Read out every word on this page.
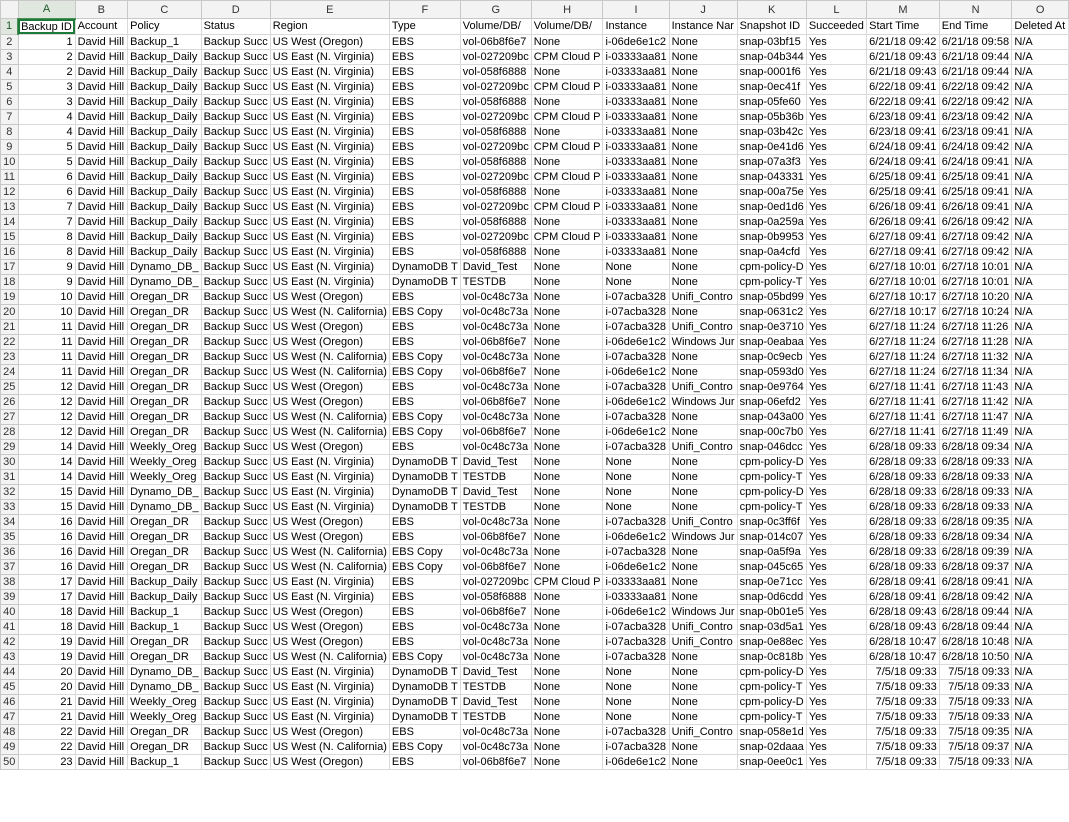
	A	B	C	D	E	F	G	H	I	J	K	L	M	N	O
1	Backup ID	Account	Policy	Status	Region	Type	Volume/DB/	Volume/DB/	Instance	Instance Nar	Snapshot ID	Succeeded	Start Time	End Time	Deleted At
2	1	David Hill	Backup_1	Backup Succ	US West (Oregon)	EBS	vol-06b8f6e7	None	i-06de6e1c2	None	snap-03bf15	Yes	6/21/18 09:42	6/21/18 09:58	N/A
3	2	David Hill	Backup_Daily	Backup Succ	US East (N. Virginia)	EBS	vol-027209bc	CPM Cloud P	i-03333aa81	None	snap-04b344	Yes	6/21/18 09:43	6/21/18 09:44	N/A
4	2	David Hill	Backup_Daily	Backup Succ	US East (N. Virginia)	EBS	vol-058f6888	None	i-03333aa81	None	snap-0001f6	Yes	6/21/18 09:43	6/21/18 09:44	N/A
5	3	David Hill	Backup_Daily	Backup Succ	US East (N. Virginia)	EBS	vol-027209bc	CPM Cloud P	i-03333aa81	None	snap-0ec41f	Yes	6/22/18 09:41	6/22/18 09:42	N/A
6	3	David Hill	Backup_Daily	Backup Succ	US East (N. Virginia)	EBS	vol-058f6888	None	i-03333aa81	None	snap-05fe60	Yes	6/22/18 09:41	6/22/18 09:42	N/A
7	4	David Hill	Backup_Daily	Backup Succ	US East (N. Virginia)	EBS	vol-027209bc	CPM Cloud P	i-03333aa81	None	snap-05b36b	Yes	6/23/18 09:41	6/23/18 09:42	N/A
8	4	David Hill	Backup_Daily	Backup Succ	US East (N. Virginia)	EBS	vol-058f6888	None	i-03333aa81	None	snap-03b42c	Yes	6/23/18 09:41	6/23/18 09:41	N/A
9	5	David Hill	Backup_Daily	Backup Succ	US East (N. Virginia)	EBS	vol-027209bc	CPM Cloud P	i-03333aa81	None	snap-0e41d6	Yes	6/24/18 09:41	6/24/18 09:42	N/A
10	5	David Hill	Backup_Daily	Backup Succ	US East (N. Virginia)	EBS	vol-058f6888	None	i-03333aa81	None	snap-07a3f3	Yes	6/24/18 09:41	6/24/18 09:41	N/A
11	6	David Hill	Backup_Daily	Backup Succ	US East (N. Virginia)	EBS	vol-027209bc	CPM Cloud P	i-03333aa81	None	snap-043331	Yes	6/25/18 09:41	6/25/18 09:41	N/A
12	6	David Hill	Backup_Daily	Backup Succ	US East (N. Virginia)	EBS	vol-058f6888	None	i-03333aa81	None	snap-00a75e	Yes	6/25/18 09:41	6/25/18 09:41	N/A
13	7	David Hill	Backup_Daily	Backup Succ	US East (N. Virginia)	EBS	vol-027209bc	CPM Cloud P	i-03333aa81	None	snap-0ed1d6	Yes	6/26/18 09:41	6/26/18 09:41	N/A
14	7	David Hill	Backup_Daily	Backup Succ	US East (N. Virginia)	EBS	vol-058f6888	None	i-03333aa81	None	snap-0a259a	Yes	6/26/18 09:41	6/26/18 09:42	N/A
15	8	David Hill	Backup_Daily	Backup Succ	US East (N. Virginia)	EBS	vol-027209bc	CPM Cloud P	i-03333aa81	None	snap-0b9953	Yes	6/27/18 09:41	6/27/18 09:42	N/A
16	8	David Hill	Backup_Daily	Backup Succ	US East (N. Virginia)	EBS	vol-058f6888	None	i-03333aa81	None	snap-0a4cfd	Yes	6/27/18 09:41	6/27/18 09:42	N/A
17	9	David Hill	Dynamo_DB_	Backup Succ	US East (N. Virginia)	DynamoDB T	David_Test	None	None	None	cpm-policy-D	Yes	6/27/18 10:01	6/27/18 10:01	N/A
18	9	David Hill	Dynamo_DB_	Backup Succ	US East (N. Virginia)	DynamoDB T	TESTDB	None	None	None	cpm-policy-T	Yes	6/27/18 10:01	6/27/18 10:01	N/A
19	10	David Hill	Oregan_DR	Backup Succ	US West (Oregon)	EBS	vol-0c48c73a	None	i-07acba328	Unifi_Contro	snap-05bd99	Yes	6/27/18 10:17	6/27/18 10:20	N/A
20	10	David Hill	Oregan_DR	Backup Succ	US West (N. California)	EBS Copy	vol-0c48c73a	None	i-07acba328	None	snap-0631c2	Yes	6/27/18 10:17	6/27/18 10:24	N/A
21	11	David Hill	Oregan_DR	Backup Succ	US West (Oregon)	EBS	vol-0c48c73a	None	i-07acba328	Unifi_Contro	snap-0e3710	Yes	6/27/18 11:24	6/27/18 11:26	N/A
22	11	David Hill	Oregan_DR	Backup Succ	US West (Oregon)	EBS	vol-06b8f6e7	None	i-06de6e1c2	Windows Jur	snap-0eabaa	Yes	6/27/18 11:24	6/27/18 11:28	N/A
23	11	David Hill	Oregan_DR	Backup Succ	US West (N. California)	EBS Copy	vol-0c48c73a	None	i-07acba328	None	snap-0c9ecb	Yes	6/27/18 11:24	6/27/18 11:32	N/A
24	11	David Hill	Oregan_DR	Backup Succ	US West (N. California)	EBS Copy	vol-06b8f6e7	None	i-06de6e1c2	None	snap-0593d0	Yes	6/27/18 11:24	6/27/18 11:34	N/A
25	12	David Hill	Oregan_DR	Backup Succ	US West (Oregon)	EBS	vol-0c48c73a	None	i-07acba328	Unifi_Contro	snap-0e9764	Yes	6/27/18 11:41	6/27/18 11:43	N/A
26	12	David Hill	Oregan_DR	Backup Succ	US West (Oregon)	EBS	vol-06b8f6e7	None	i-06de6e1c2	Windows Jur	snap-06efd2	Yes	6/27/18 11:41	6/27/18 11:42	N/A
27	12	David Hill	Oregan_DR	Backup Succ	US West (N. California)	EBS Copy	vol-0c48c73a	None	i-07acba328	None	snap-043a00	Yes	6/27/18 11:41	6/27/18 11:47	N/A
28	12	David Hill	Oregan_DR	Backup Succ	US West (N. California)	EBS Copy	vol-06b8f6e7	None	i-06de6e1c2	None	snap-00c7b0	Yes	6/27/18 11:41	6/27/18 11:49	N/A
29	14	David Hill	Weekly_Oreg	Backup Succ	US West (Oregon)	EBS	vol-0c48c73a	None	i-07acba328	Unifi_Contro	snap-046dcc	Yes	6/28/18 09:33	6/28/18 09:34	N/A
30	14	David Hill	Weekly_Oreg	Backup Succ	US East (N. Virginia)	DynamoDB T	David_Test	None	None	None	cpm-policy-D	Yes	6/28/18 09:33	6/28/18 09:33	N/A
31	14	David Hill	Weekly_Oreg	Backup Succ	US East (N. Virginia)	DynamoDB T	TESTDB	None	None	None	cpm-policy-T	Yes	6/28/18 09:33	6/28/18 09:33	N/A
32	15	David Hill	Dynamo_DB_	Backup Succ	US East (N. Virginia)	DynamoDB T	David_Test	None	None	None	cpm-policy-D	Yes	6/28/18 09:33	6/28/18 09:33	N/A
33	15	David Hill	Dynamo_DB_	Backup Succ	US East (N. Virginia)	DynamoDB T	TESTDB	None	None	None	cpm-policy-T	Yes	6/28/18 09:33	6/28/18 09:33	N/A
34	16	David Hill	Oregan_DR	Backup Succ	US West (Oregon)	EBS	vol-0c48c73a	None	i-07acba328	Unifi_Contro	snap-0c3ff6f	Yes	6/28/18 09:33	6/28/18 09:35	N/A
35	16	David Hill	Oregan_DR	Backup Succ	US West (Oregon)	EBS	vol-06b8f6e7	None	i-06de6e1c2	Windows Jur	snap-014c07	Yes	6/28/18 09:33	6/28/18 09:34	N/A
36	16	David Hill	Oregan_DR	Backup Succ	US West (N. California)	EBS Copy	vol-0c48c73a	None	i-07acba328	None	snap-0a5f9a	Yes	6/28/18 09:33	6/28/18 09:39	N/A
37	16	David Hill	Oregan_DR	Backup Succ	US West (N. California)	EBS Copy	vol-06b8f6e7	None	i-06de6e1c2	None	snap-045c65	Yes	6/28/18 09:33	6/28/18 09:37	N/A
38	17	David Hill	Backup_Daily	Backup Succ	US East (N. Virginia)	EBS	vol-027209bc	CPM Cloud P	i-03333aa81	None	snap-0e71cc	Yes	6/28/18 09:41	6/28/18 09:41	N/A
39	17	David Hill	Backup_Daily	Backup Succ	US East (N. Virginia)	EBS	vol-058f6888	None	i-03333aa81	None	snap-0d6cdd	Yes	6/28/18 09:41	6/28/18 09:42	N/A
40	18	David Hill	Backup_1	Backup Succ	US West (Oregon)	EBS	vol-06b8f6e7	None	i-06de6e1c2	Windows Jur	snap-0b01e5	Yes	6/28/18 09:43	6/28/18 09:44	N/A
41	18	David Hill	Backup_1	Backup Succ	US West (Oregon)	EBS	vol-0c48c73a	None	i-07acba328	Unifi_Contro	snap-03d5a1	Yes	6/28/18 09:43	6/28/18 09:44	N/A
42	19	David Hill	Oregan_DR	Backup Succ	US West (Oregon)	EBS	vol-0c48c73a	None	i-07acba328	Unifi_Contro	snap-0e88ec	Yes	6/28/18 10:47	6/28/18 10:48	N/A
43	19	David Hill	Oregan_DR	Backup Succ	US West (N. California)	EBS Copy	vol-0c48c73a	None	i-07acba328	None	snap-0c818b	Yes	6/28/18 10:47	6/28/18 10:50	N/A
44	20	David Hill	Dynamo_DB_	Backup Succ	US East (N. Virginia)	DynamoDB T	David_Test	None	None	None	cpm-policy-D	Yes	7/5/18 09:33	7/5/18 09:33	N/A
45	20	David Hill	Dynamo_DB_	Backup Succ	US East (N. Virginia)	DynamoDB T	TESTDB	None	None	None	cpm-policy-T	Yes	7/5/18 09:33	7/5/18 09:33	N/A
46	21	David Hill	Weekly_Oreg	Backup Succ	US East (N. Virginia)	DynamoDB T	David_Test	None	None	None	cpm-policy-D	Yes	7/5/18 09:33	7/5/18 09:33	N/A
47	21	David Hill	Weekly_Oreg	Backup Succ	US East (N. Virginia)	DynamoDB T	TESTDB	None	None	None	cpm-policy-T	Yes	7/5/18 09:33	7/5/18 09:33	N/A
48	22	David Hill	Oregan_DR	Backup Succ	US West (Oregon)	EBS	vol-0c48c73a	None	i-07acba328	Unifi_Contro	snap-058e1d	Yes	7/5/18 09:33	7/5/18 09:35	N/A
49	22	David Hill	Oregan_DR	Backup Succ	US West (N. California)	EBS Copy	vol-0c48c73a	None	i-07acba328	None	snap-02daaa	Yes	7/5/18 09:33	7/5/18 09:37	N/A
50	23	David Hill	Backup_1	Backup Succ	US West (Oregon)	EBS	vol-06b8f6e7	None	i-06de6e1c2	None	snap-0ee0c1	Yes	7/5/18 09:33	7/5/18 09:33	N/A
